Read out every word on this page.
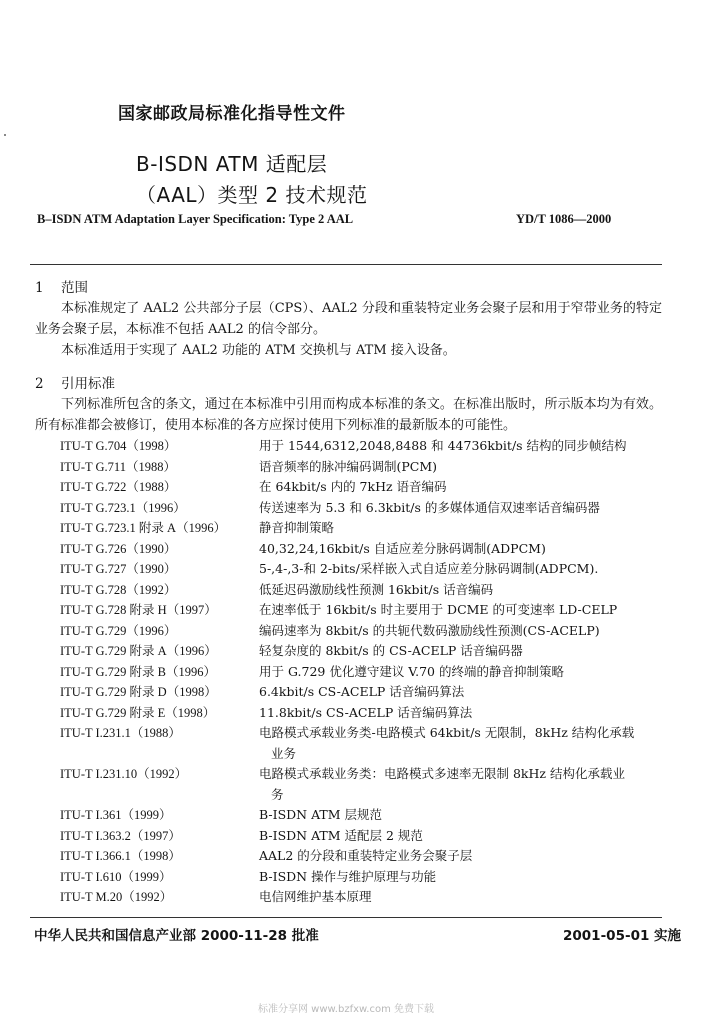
国家邮政局标准化指导性文件
B-ISDN ATM 适配层
（AAL）类型 2 技术规范
B–ISDN ATM Adaptation Layer Specification: Type 2 AAL	YD/T 1086—2000
1 范围

本标准规定了 AAL2 公共部分子层（CPS）、AAL2 分段和重装特定业务会聚子层和用于窄带业务的特定业务会聚子层，本标准不包括 AAL2 的信令部分。

本标准适用于实现了 AAL2 功能的 ATM 交换机与 ATM 接入设备。

2 引用标准

下列标准所包含的条文，通过在本标准中引用而构成本标准的条文。在标准出版时，所示版本均为有效。所有标准都会被修订，使用本标准的各方应探讨使用下列标准的最新版本的可能性。

ITU-T G.704（1998）	用于 1544,6312,2048,8488 和 44736kbit/s 结构的同步帧结构
ITU-T G.711（1988）	语音频率的脉冲编码调制(PCM)
ITU-T G.722（1988）	在 64kbit/s 内的 7kHz 语音编码
ITU-T G.723.1（1996）	传送速率为 5.3 和 6.3kbit/s 的多媒体通信双速率话音编码器
ITU-T G.723.1 附录 A（1996）	静音抑制策略
ITU-T G.726（1990）	40,32,24,16kbit/s 自适应差分脉码调制(ADPCM)
ITU-T G.727（1990）	5-,4-,3-和 2-bits/采样嵌入式自适应差分脉码调制(ADPCM).
ITU-T G.728（1992）	低延迟码激励线性预测 16kbit/s 话音编码
ITU-T G.728 附录 H（1997）	在速率低于 16kbit/s 时主要用于 DCME 的可变速率 LD-CELP
ITU-T G.729（1996）	编码速率为 8kbit/s 的共轭代数码激励线性预测(CS-ACELP)
ITU-T G.729 附录 A（1996）	轻复杂度的 8kbit/s 的 CS-ACELP 话音编码器
ITU-T G.729 附录 B（1996）	用于 G.729 优化遵守建议 V.70 的终端的静音抑制策略
ITU-T G.729 附录 D（1998）	6.4kbit/s CS-ACELP 话音编码算法
ITU-T G.729 附录 E（1998）	11.8kbit/s CS-ACELP 话音编码算法
ITU-T I.231.1（1988）	电路模式承载业务类-电路模式 64kbit/s 无限制，8kHz 结构化承载
业务
ITU-T I.231.10（1992）	电路模式承载业务类：电路模式多速率无限制 8kHz 结构化承载业
务
ITU-T I.361（1999）	B-ISDN ATM 层规范
ITU-T I.363.2（1997）	B-ISDN ATM 适配层 2 规范
ITU-T I.366.1（1998）	AAL2 的分段和重装特定业务会聚子层
ITU-T I.610（1999）	B-ISDN 操作与维护原理与功能
ITU-T M.20（1992）	电信网维护基本原理
中华人民共和国信息产业部 2000-11-28 批准	2001-05-01 实施
标准分享网 www.bzfxw.com 免费下载
